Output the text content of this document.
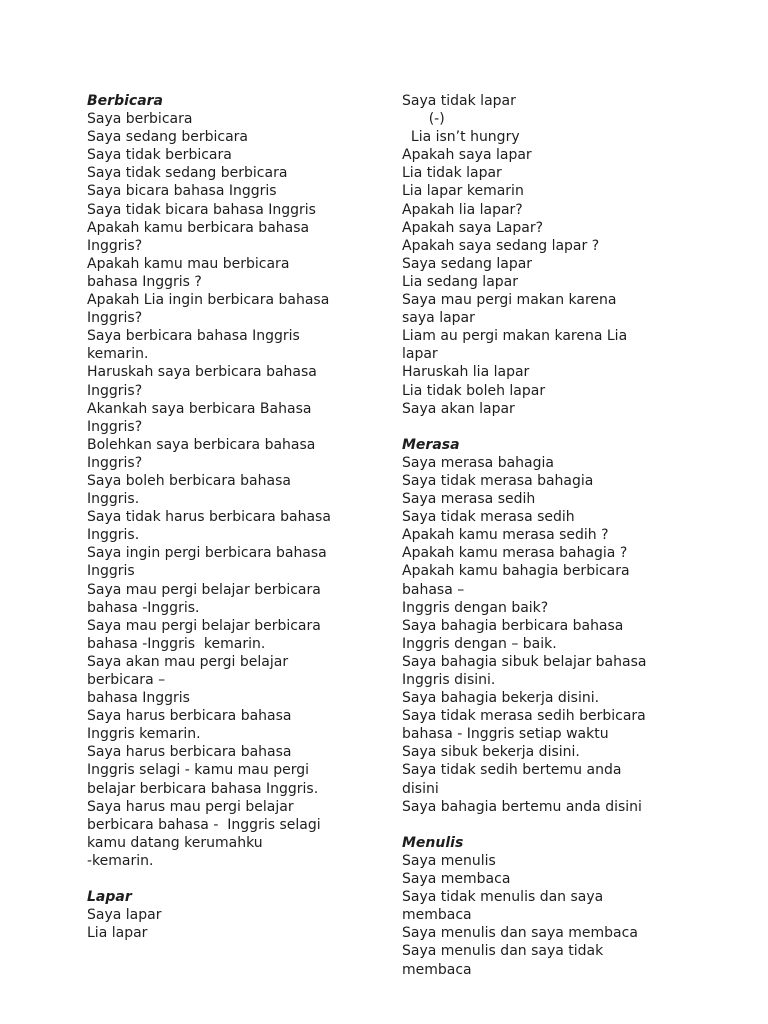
Berbicara
Saya berbicara
Saya sedang berbicara
Saya tidak berbicara
Saya tidak sedang berbicara
Saya bicara bahasa Inggris
Saya tidak bicara bahasa Inggris
Apakah kamu berbicara bahasa
Inggris?
Apakah kamu mau berbicara
bahasa Inggris ?
Apakah Lia ingin berbicara bahasa
Inggris?
Saya berbicara bahasa Inggris
kemarin.
Haruskah saya berbicara bahasa
Inggris?
Akankah saya berbicara Bahasa
Inggris?
Bolehkan saya berbicara bahasa
Inggris?
Saya boleh berbicara bahasa
Inggris.
Saya tidak harus berbicara bahasa
Inggris.
Saya ingin pergi berbicara bahasa
Inggris
Saya mau pergi belajar berbicara
bahasa -Inggris.
Saya mau pergi belajar berbicara
bahasa -Inggris  kemarin.
Saya akan mau pergi belajar
berbicara –
bahasa Inggris
Saya harus berbicara bahasa
Inggris kemarin.
Saya harus berbicara bahasa
Inggris selagi - kamu mau pergi
belajar berbicara bahasa Inggris.
Saya harus mau pergi belajar
berbicara bahasa -  Inggris selagi
kamu datang kerumahku
-kemarin.
Lapar
Saya lapar
Lia lapar
Saya tidak lapar
(-)
Lia isn’t hungry
Apakah saya lapar
Lia tidak lapar
Lia lapar kemarin
Apakah lia lapar?
Apakah saya Lapar?
Apakah saya sedang lapar ?
Saya sedang lapar
Lia sedang lapar
Saya mau pergi makan karena
saya lapar
Liam au pergi makan karena Lia
lapar
Haruskah lia lapar
Lia tidak boleh lapar
Saya akan lapar
Merasa
Saya merasa bahagia
Saya tidak merasa bahagia
Saya merasa sedih
Saya tidak merasa sedih
Apakah kamu merasa sedih ?
Apakah kamu merasa bahagia ?
Apakah kamu bahagia berbicara
bahasa –
Inggris dengan baik?
Saya bahagia berbicara bahasa
Inggris dengan – baik.
Saya bahagia sibuk belajar bahasa
Inggris disini.
Saya bahagia bekerja disini.
Saya tidak merasa sedih berbicara
bahasa - Inggris setiap waktu
Saya sibuk bekerja disini.
Saya tidak sedih bertemu anda
disini
Saya bahagia bertemu anda disini
Menulis
Saya menulis
Saya membaca
Saya tidak menulis dan saya
membaca
Saya menulis dan saya membaca
Saya menulis dan saya tidak
membaca
